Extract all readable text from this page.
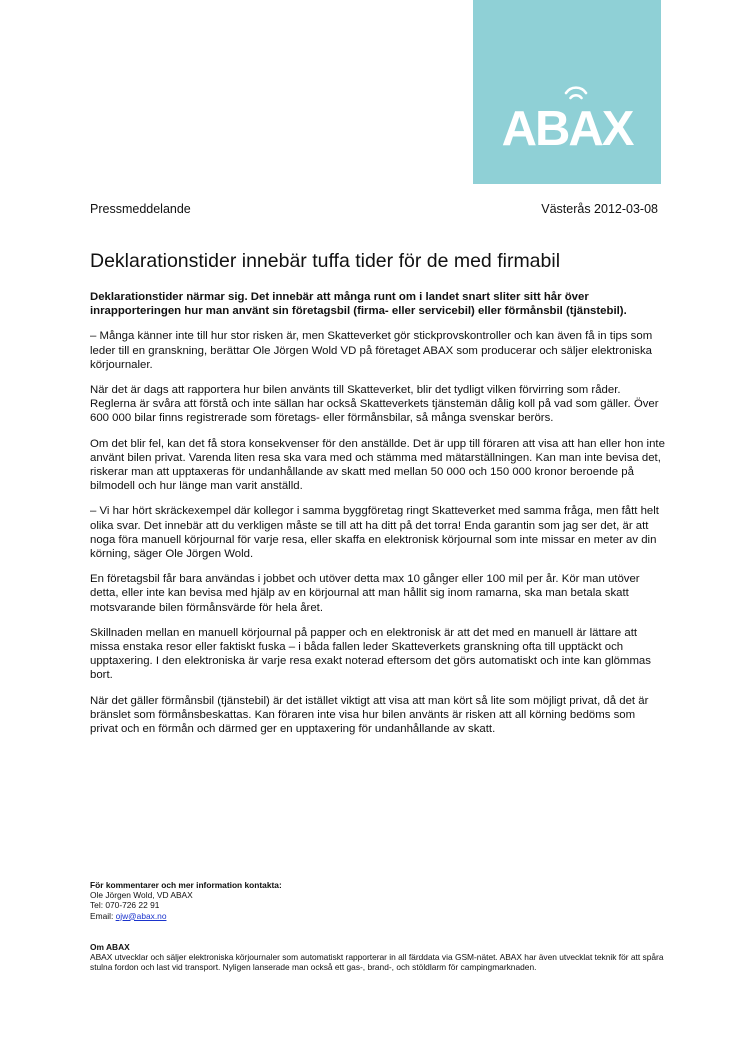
ABAX
Pressmeddelande	Västerås 2012-03-08
Deklarationstider innebär tuffa tider för de med firmabil

Deklarationstider närmar sig. Det innebär att många runt om i landet snart sliter sitt hår över inrapporteringen hur man använt sin företagsbil (firma- eller servicebil) eller förmånsbil (tjänstebil).

– Många känner inte till hur stor risken är, men Skatteverket gör stickprovskontroller och kan även få in tips som leder till en granskning, berättar Ole Jörgen Wold VD på företaget ABAX som producerar och säljer elektroniska körjournaler.

När det är dags att rapportera hur bilen använts till Skatteverket, blir det tydligt vilken förvirring som råder. Reglerna är svåra att förstå och inte sällan har också Skatteverkets tjänstemän dålig koll på vad som gäller. Över 600 000 bilar finns registrerade som företags- eller förmånsbilar, så många svenskar berörs.

Om det blir fel, kan det få stora konsekvenser för den anställde. Det är upp till föraren att visa att han eller hon inte använt bilen privat. Varenda liten resa ska vara med och stämma med mätarställningen. Kan man inte bevisa det, riskerar man att upptaxeras för undanhållande av skatt med mellan 50 000 och 150 000 kronor beroende på bilmodell och hur länge man varit anställd.

– Vi har hört skräckexempel där kollegor i samma byggföretag ringt Skatteverket med samma fråga, men fått helt olika svar. Det innebär att du verkligen måste se till att ha ditt på det torra! Enda garantin som jag ser det, är att noga föra manuell körjournal för varje resa, eller skaffa en elektronisk körjournal som inte missar en meter av din körning, säger Ole Jörgen Wold.

En företagsbil får bara användas i jobbet och utöver detta max 10 gånger eller 100 mil per år. Kör man utöver detta, eller inte kan bevisa med hjälp av en körjournal att man hållit sig inom ramarna, ska man betala skatt motsvarande bilen förmånsvärde för hela året.

Skillnaden mellan en manuell körjournal på papper och en elektronisk är att det med en manuell är lättare att missa enstaka resor eller faktiskt fuska – i båda fallen leder Skatteverkets granskning ofta till upptäckt och upptaxering. I den elektroniska är varje resa exakt noterad eftersom det görs automatiskt och inte kan glömmas bort.

När det gäller förmånsbil (tjänstebil) är det istället viktigt att visa att man kört så lite som möjligt privat, då det är bränslet som förmånsbeskattas. Kan föraren inte visa hur bilen använts är risken att all körning bedöms som privat och en förmån och därmed ger en upptaxering för undanhållande av skatt.

För kommentarer och mer information kontakta:
Ole Jörgen Wold, VD ABAX
Tel: 070-726 22 91
Email: ojw@abax.no
Om ABAX
ABAX utvecklar och säljer elektroniska körjournaler som automatiskt rapporterar in all färddata via GSM-nätet. ABAX har även utvecklat teknik för att spåra stulna fordon och last vid transport. Nyligen lanserade man också ett gas-, brand-, och stöldlarm för campingmarknaden.
